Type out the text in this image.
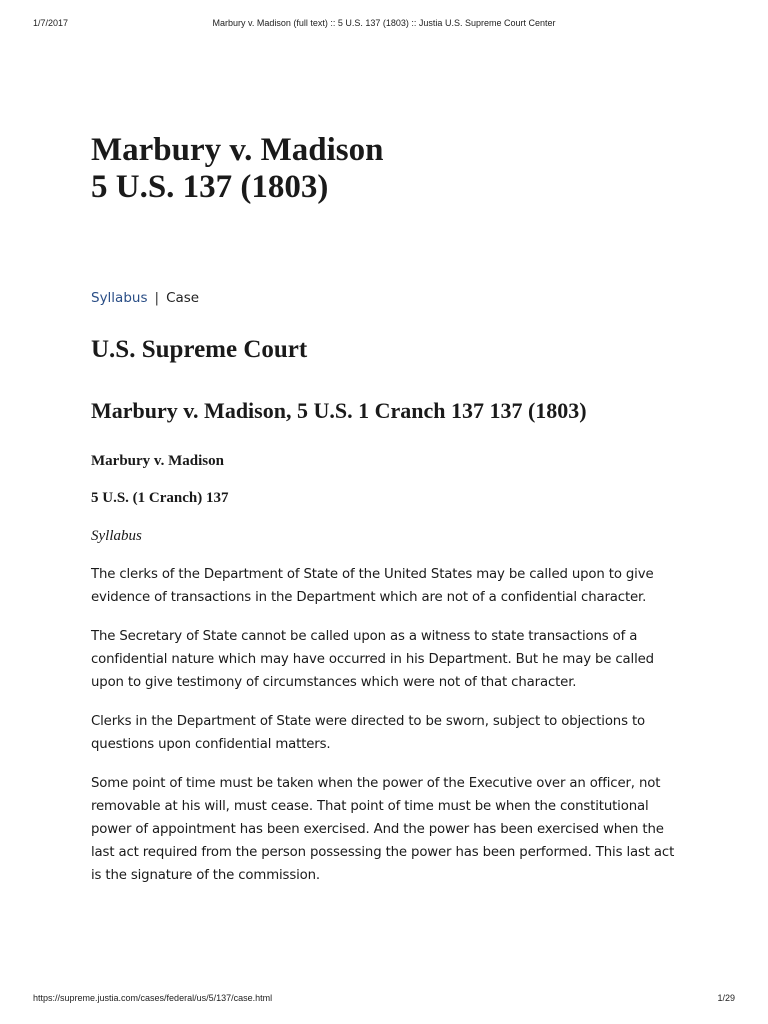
1/7/2017	Marbury v. Madison (full text) :: 5 U.S. 137 (1803) :: Justia U.S. Supreme Court Center
Marbury v. Madison
5 U.S. 137 (1803)
Syllabus | Case
U.S. Supreme Court
Marbury v. Madison, 5 U.S. 1 Cranch 137 137 (1803)

Marbury v. Madison

5 U.S. (1 Cranch) 137

Syllabus

The clerks of the Department of State of the United States may be called upon to give evidence of transactions in the Department which are not of a confidential character.

The Secretary of State cannot be called upon as a witness to state transactions of a confidential nature which may have occurred in his Department. But he may be called upon to give testimony of circumstances which were not of that character.

Clerks in the Department of State were directed to be sworn, subject to objections to questions upon confidential matters.

Some point of time must be taken when the power of the Executive over an officer, not removable at his will, must cease. That point of time must be when the constitutional power of appointment has been exercised. And the power has been exercised when the last act required from the person possessing the power has been performed. This last act is the signature of the commission.

https://supreme.justia.com/cases/federal/us/5/137/case.html	1/29
